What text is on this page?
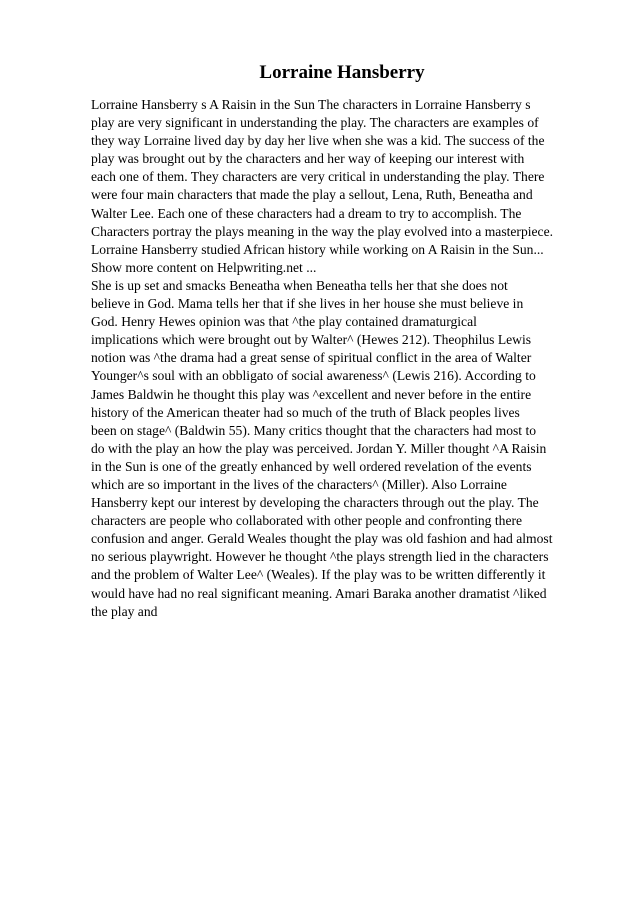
Lorraine Hansberry
Lorraine Hansberry s A Raisin in the Sun The characters in Lorraine Hansberry s
play are very significant in understanding the play. The characters are examples of
they way Lorraine lived day by day her live when she was a kid. The success of the
play was brought out by the characters and her way of keeping our interest with
each one of them. They characters are very critical in understanding the play. There
were four main characters that made the play a sellout, Lena, Ruth, Beneatha and
Walter Lee. Each one of these characters had a dream to try to accomplish. The
Characters portray the plays meaning in the way the play evolved into a masterpiece.
Lorraine Hansberry studied African history while working on A Raisin in the Sun...
Show more content on Helpwriting.net ...
She is up set and smacks Beneatha when Beneatha tells her that she does not
believe in God. Mama tells her that if she lives in her house she must believe in
God. Henry Hewes opinion was that ^the play contained dramaturgical
implications which were brought out by Walter^ (Hewes 212). Theophilus Lewis
notion was ^the drama had a great sense of spiritual conflict in the area of Walter
Younger^s soul with an obbligato of social awareness^ (Lewis 216). According to
James Baldwin he thought this play was ^excellent and never before in the entire
history of the American theater had so much of the truth of Black peoples lives
been on stage^ (Baldwin 55). Many critics thought that the characters had most to
do with the play an how the play was perceived. Jordan Y. Miller thought ^A Raisin
in the Sun is one of the greatly enhanced by well ordered revelation of the events
which are so important in the lives of the characters^ (Miller). Also Lorraine
Hansberry kept our interest by developing the characters through out the play. The
characters are people who collaborated with other people and confronting there
confusion and anger. Gerald Weales thought the play was old fashion and had almost
no serious playwright. However he thought ^the plays strength lied in the characters
and the problem of Walter Lee^ (Weales). If the play was to be written differently it
would have had no real significant meaning. Amari Baraka another dramatist ^liked
the play and
